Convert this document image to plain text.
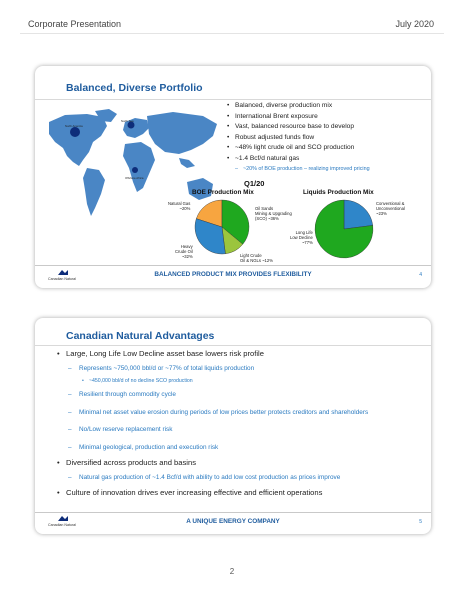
Corporate Presentation	July 2020
Balanced, Diverse Portfolio
North America
North Sea
Offshore Africa
• Balanced, diverse production mix
• International Brent exposure
• Vast, balanced resource base to develop
• Robust adjusted funds flow
• ~48% light crude oil and SCO production
• ~1.4 Bcf/d natural gas
– ~20% of BOE production – realizing improved pricing
Q1/20
BOE Production Mix
Natural Gas
~20%	Oil Sands
Mining & Upgrading
(SCO) ~36%
Heavy
Crude Oil
~32%	Light Crude
Oil & NGLs ~12%
Liquids Production Mix
Conventional &
Unconventional
~23%
Long Life
Low Decline
~77%
Canadian Natural
BALANCED PRODUCT MIX PROVIDES FLEXIBILITY	4
Canadian Natural Advantages
• Large, Long Life Low Decline asset base lowers risk profile
– Represents ~750,000 bbl/d or ~77% of total liquids production
• ~450,000 bbl/d of no decline SCO production
– Resilient through commodity cycle
– Minimal net asset value erosion during periods of low prices better protects creditors and shareholders
– No/Low reserve replacement risk
– Minimal geological, production and execution risk
• Diversified across products and basins
– Natural gas production of ~1.4 Bcf/d with ability to add low cost production as prices improve
• Culture of innovation drives ever increasing effective and efficient operations
Canadian Natural	A UNIQUE ENERGY COMPANY	5
2
